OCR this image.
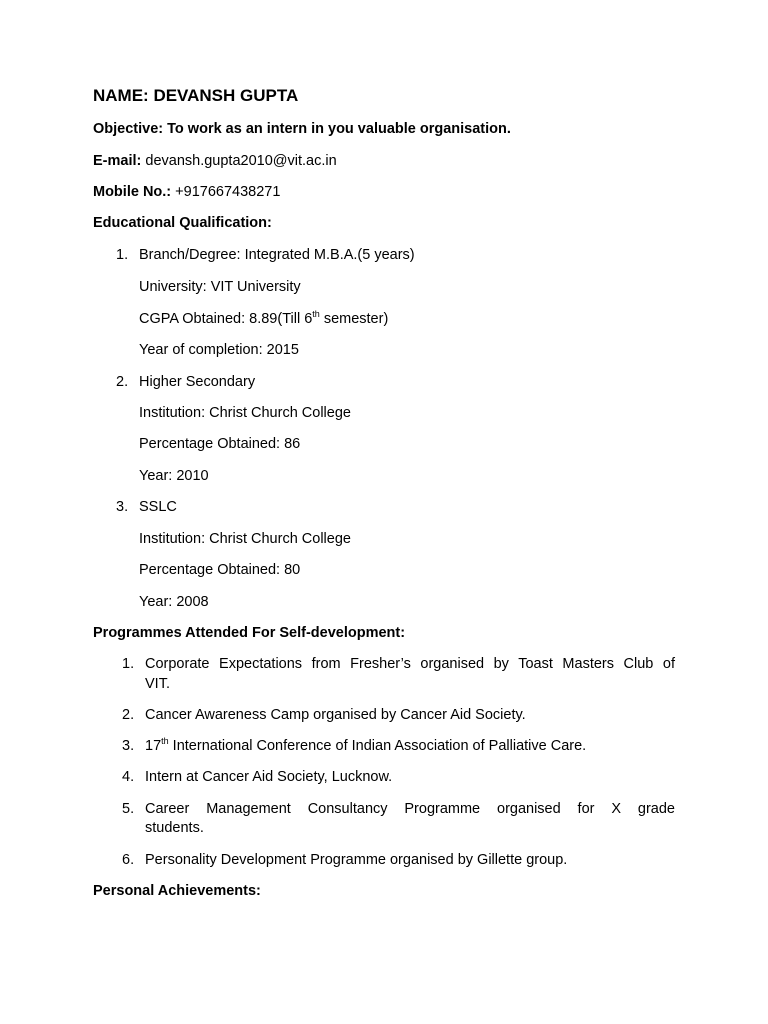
NAME: DEVANSH GUPTA
Objective: To work as an intern in you valuable organisation.
E-mail: devansh.gupta2010@vit.ac.in
Mobile No.: +917667438271
Educational Qualification:
1. Branch/Degree: Integrated M.B.A.(5 years)
University: VIT University
CGPA Obtained: 8.89(Till 6th semester)
Year of completion: 2015
2. Higher Secondary
Institution: Christ Church College
Percentage Obtained: 86
Year: 2010
3. SSLC
Institution: Christ Church College
Percentage Obtained: 80
Year: 2008
Programmes Attended For Self-development:
1. Corporate Expectations from Fresher’s organised by Toast Masters Club of
VIT.
2. Cancer Awareness Camp organised by Cancer Aid Society.
3. 17th International Conference of Indian Association of Palliative Care.
4. Intern at Cancer Aid Society, Lucknow.
5. Career Management Consultancy Programme organised for X grade
students.
6. Personality Development Programme organised by Gillette group.
Personal Achievements:
